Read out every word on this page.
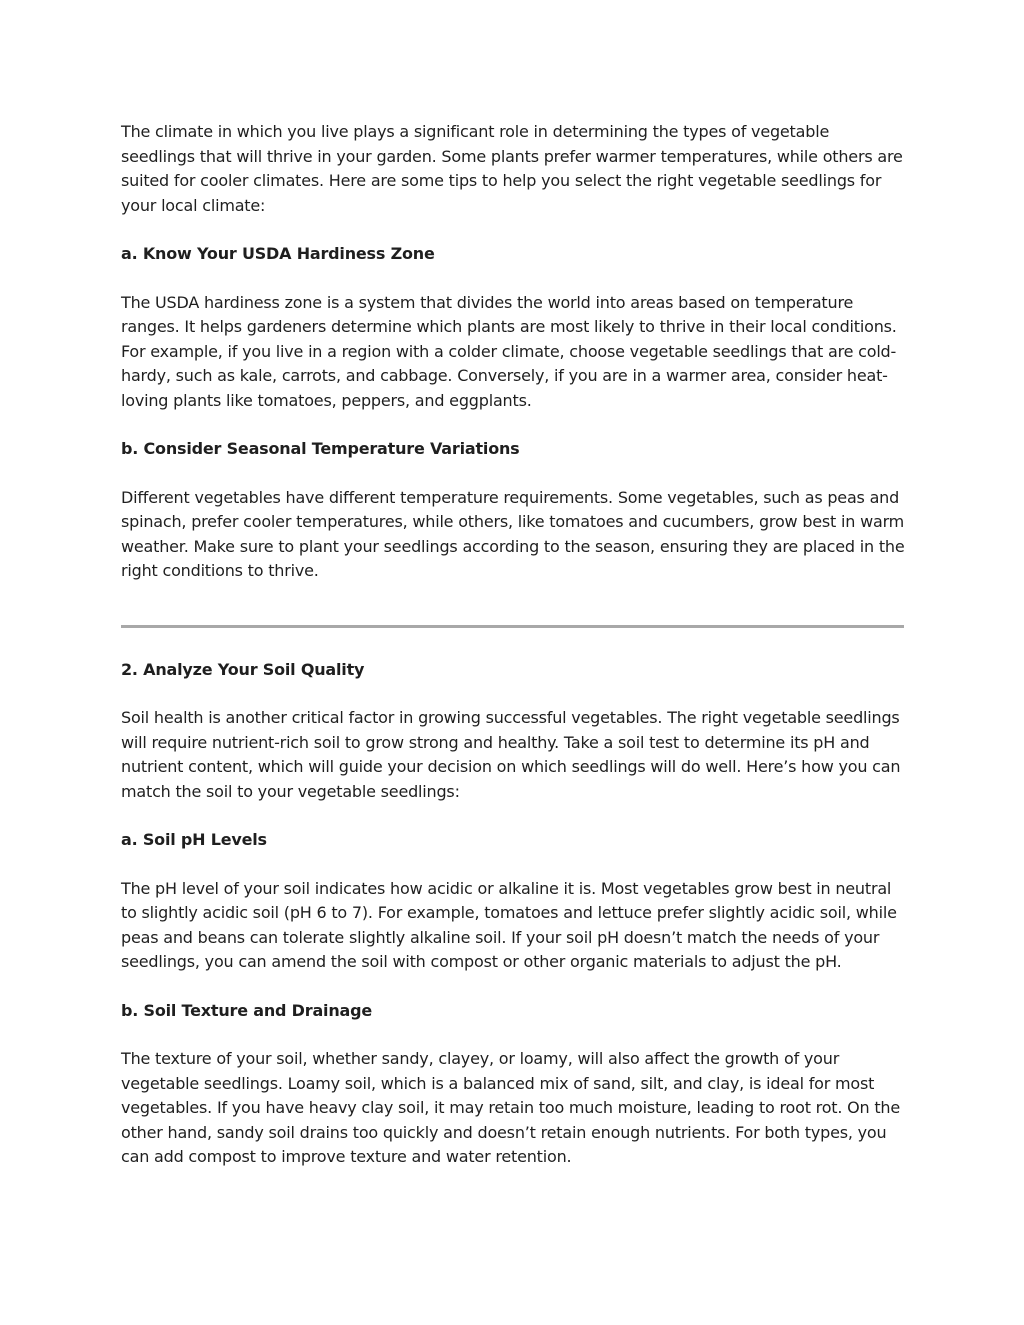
The climate in which you live plays a significant role in determining the types of vegetable seedlings that will thrive in your garden. Some plants prefer warmer temperatures, while others are suited for cooler climates. Here are some tips to help you select the right vegetable seedlings for your local climate:

a. Know Your USDA Hardiness Zone

The USDA hardiness zone is a system that divides the world into areas based on temperature ranges. It helps gardeners determine which plants are most likely to thrive in their local conditions. For example, if you live in a region with a colder climate, choose vegetable seedlings that are cold-hardy, such as kale, carrots, and cabbage. Conversely, if you are in a warmer area, consider heat-loving plants like tomatoes, peppers, and eggplants.

b. Consider Seasonal Temperature Variations

Different vegetables have different temperature requirements. Some vegetables, such as peas and spinach, prefer cooler temperatures, while others, like tomatoes and cucumbers, grow best in warm weather. Make sure to plant your seedlings according to the season, ensuring they are placed in the right conditions to thrive.

2. Analyze Your Soil Quality

Soil health is another critical factor in growing successful vegetables. The right vegetable seedlings will require nutrient-rich soil to grow strong and healthy. Take a soil test to determine its pH and nutrient content, which will guide your decision on which seedlings will do well. Here’s how you can match the soil to your vegetable seedlings:

a. Soil pH Levels

The pH level of your soil indicates how acidic or alkaline it is. Most vegetables grow best in neutral to slightly acidic soil (pH 6 to 7). For example, tomatoes and lettuce prefer slightly acidic soil, while peas and beans can tolerate slightly alkaline soil. If your soil pH doesn’t match the needs of your seedlings, you can amend the soil with compost or other organic materials to adjust the pH.

b. Soil Texture and Drainage

The texture of your soil, whether sandy, clayey, or loamy, will also affect the growth of your vegetable seedlings. Loamy soil, which is a balanced mix of sand, silt, and clay, is ideal for most vegetables. If you have heavy clay soil, it may retain too much moisture, leading to root rot. On the other hand, sandy soil drains too quickly and doesn’t retain enough nutrients. For both types, you can add compost to improve texture and water retention.
